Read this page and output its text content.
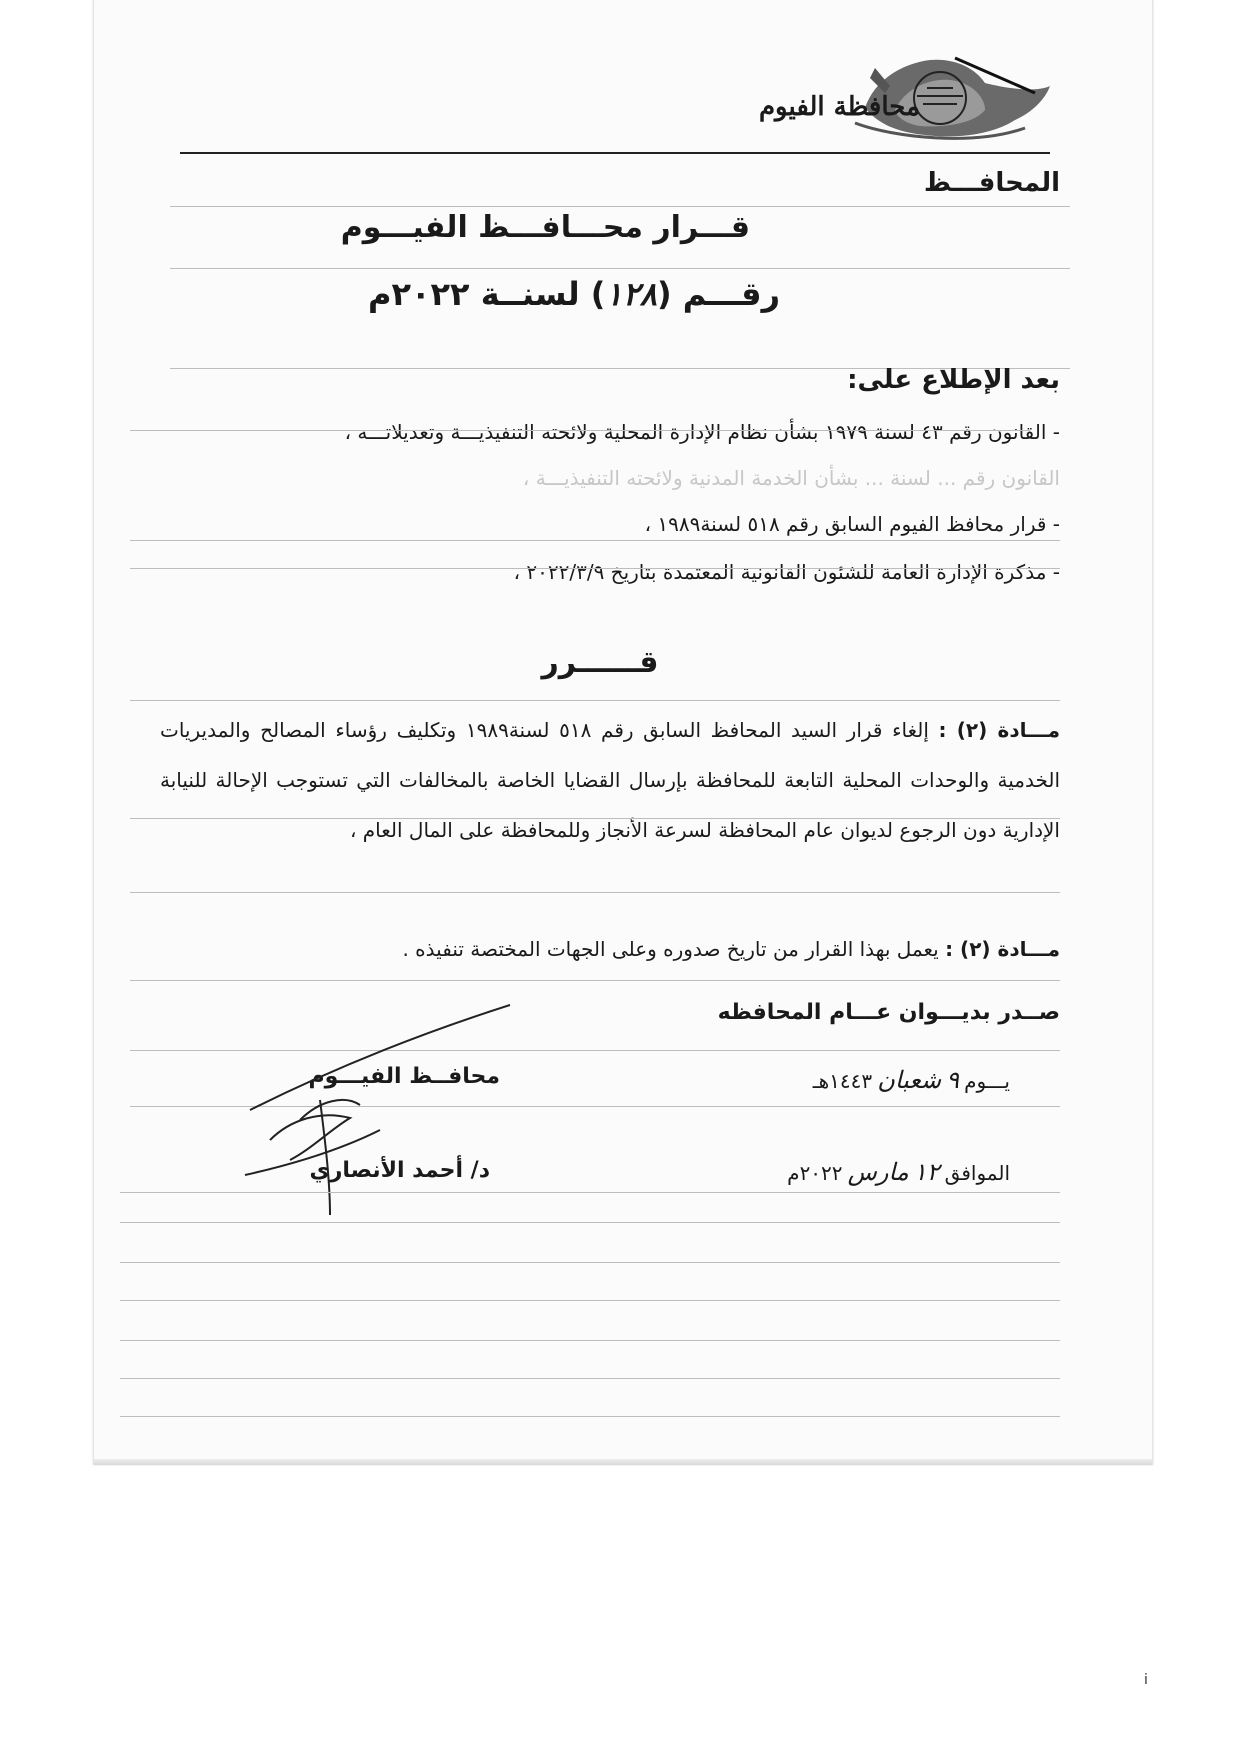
محافظة الفيوم
المحافـــظ
قـــرار محـــافـــظ الفيـــوم
رقـــم (١٢٨) لسنــة ٢٠٢٢م
بعد الإطلاع على:
- القانون رقم ٤٣ لسنة ١٩٧٩ بشأن نظام الإدارة المحلية ولائحته التنفيذيـــة وتعديلاتـــه ،
القانون رقم ... لسنة ... بشأن الخدمة المدنية ولائحته التنفيذيـــة ،
- قرار محافظ الفيوم السابق رقم ٥١٨ لسنة١٩٨٩ ،
- مذكرة الإدارة العامة للشئون القانونية المعتمدة بتاريخ ٢٠٢٢/٣/٩ ،
قــــــرر
مـــادة (٢) : إلغاء قرار السيد المحافظ السابق رقم ٥١٨ لسنة١٩٨٩ وتكليف رؤساء المصالح والمديريات الخدمية والوحدات المحلية التابعة للمحافظة بإرسال القضايا الخاصة بالمخالفات التي تستوجب الإحالة للنيابة الإدارية دون الرجوع لديوان عام المحافظة لسرعة الأنجاز وللمحافظة على المال العام ،
مـــادة (٢) : يعمل بهذا القرار من تاريخ صدوره وعلى الجهات المختصة تنفيذه .
صــدر بديـــوان عـــام المحافظه
يـــوم ٩ شعبان ١٤٤٣هـ
محافــظ الفيـــوم
الموافق ١٢ مارس ٢٠٢٢م
د/ أحمد الأنصاري
i
